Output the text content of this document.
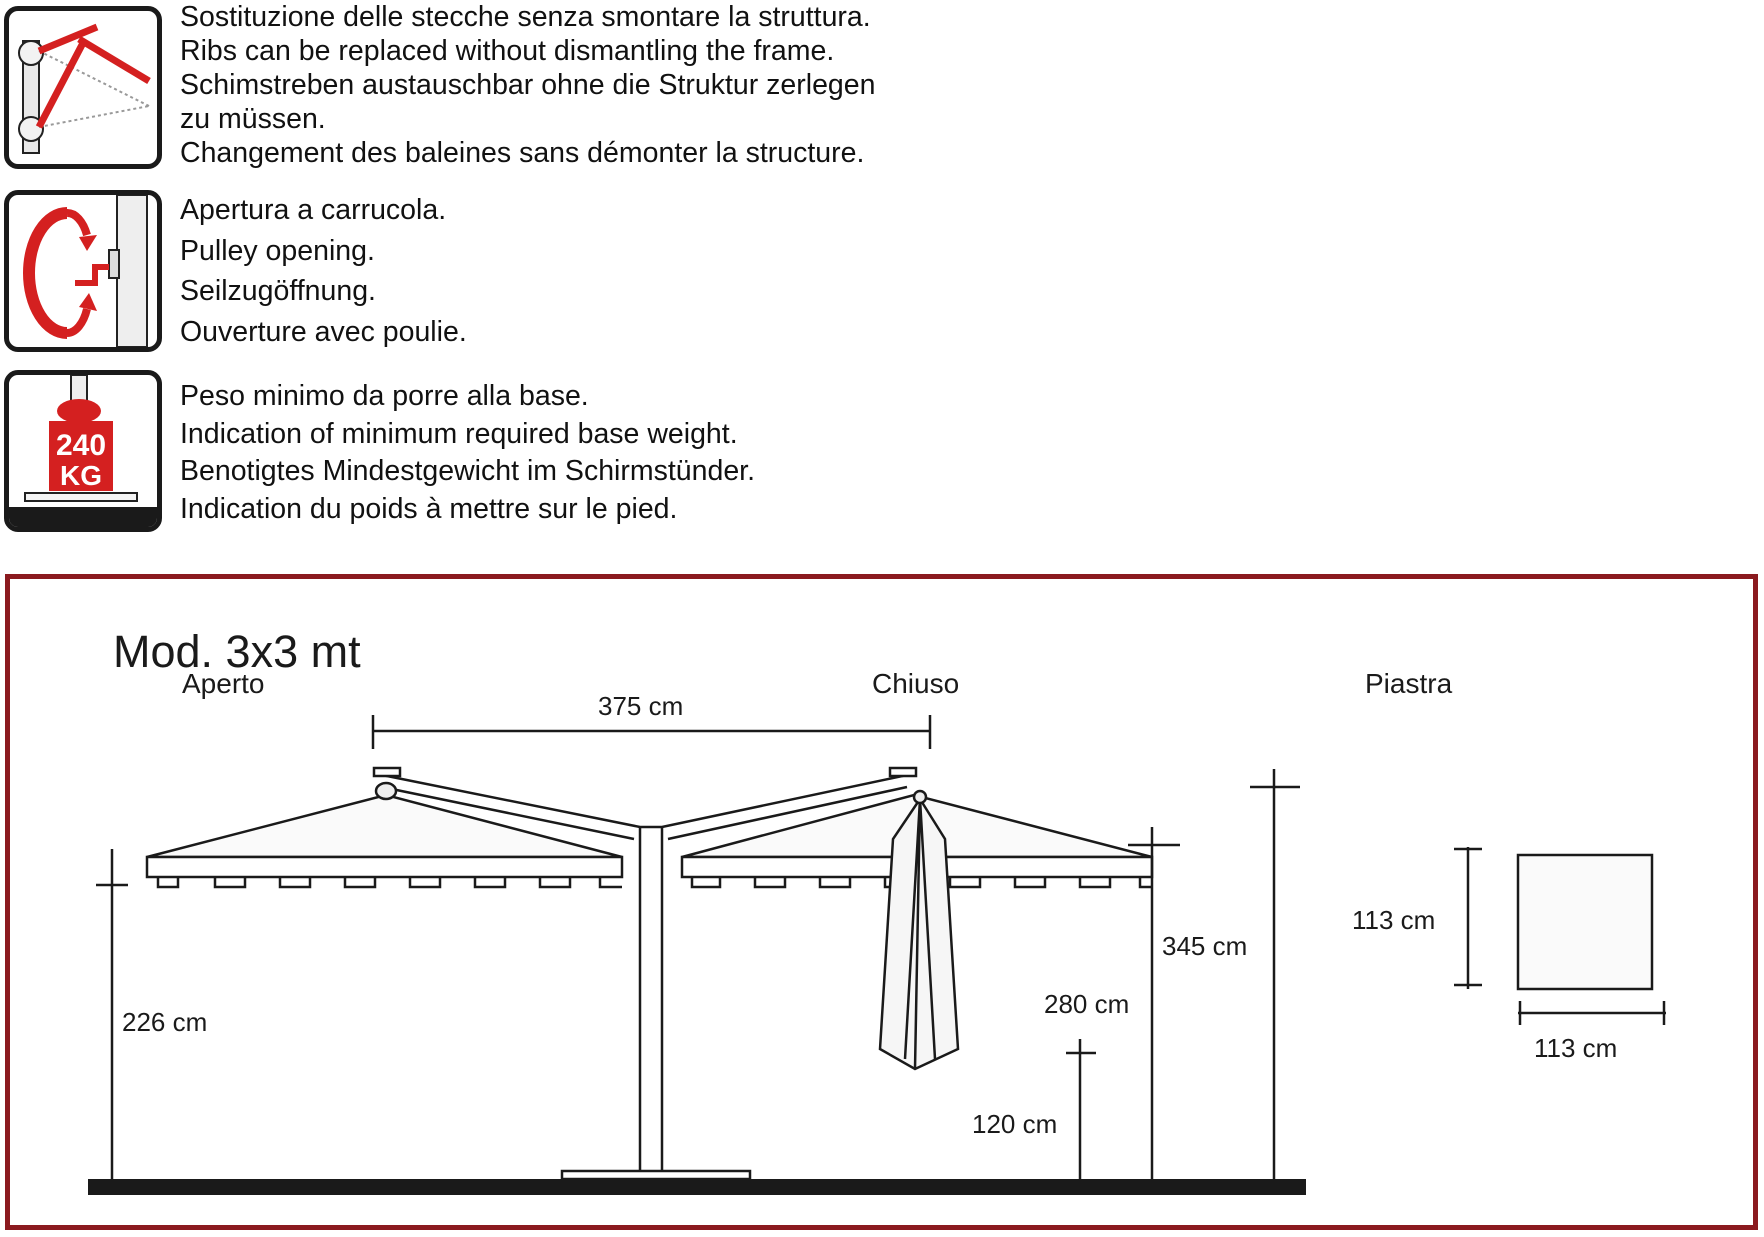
Sostituzione delle stecche senza smontare la struttura.
Ribs can be replaced without dismantling the frame.
Schimstreben austauschbar ohne die Struktur zerlegen
zu müssen.
Changement des baleines sans démonter la structure.
Apertura a carrucola.
Pulley opening.
Seilzugöffnung.
Ouverture avec poulie.
240
KG
Peso minimo da porre alla base.
Indication of minimum required base weight.
Benotigtes Mindestgewicht im Schirmstünder.
Indication du poids à mettre sur le pied.
Mod. 3x3 mt
Aperto	Chiuso	Piastra
375 cm
226 cm
280 cm
345 cm
120 cm
113 cm
113 cm
